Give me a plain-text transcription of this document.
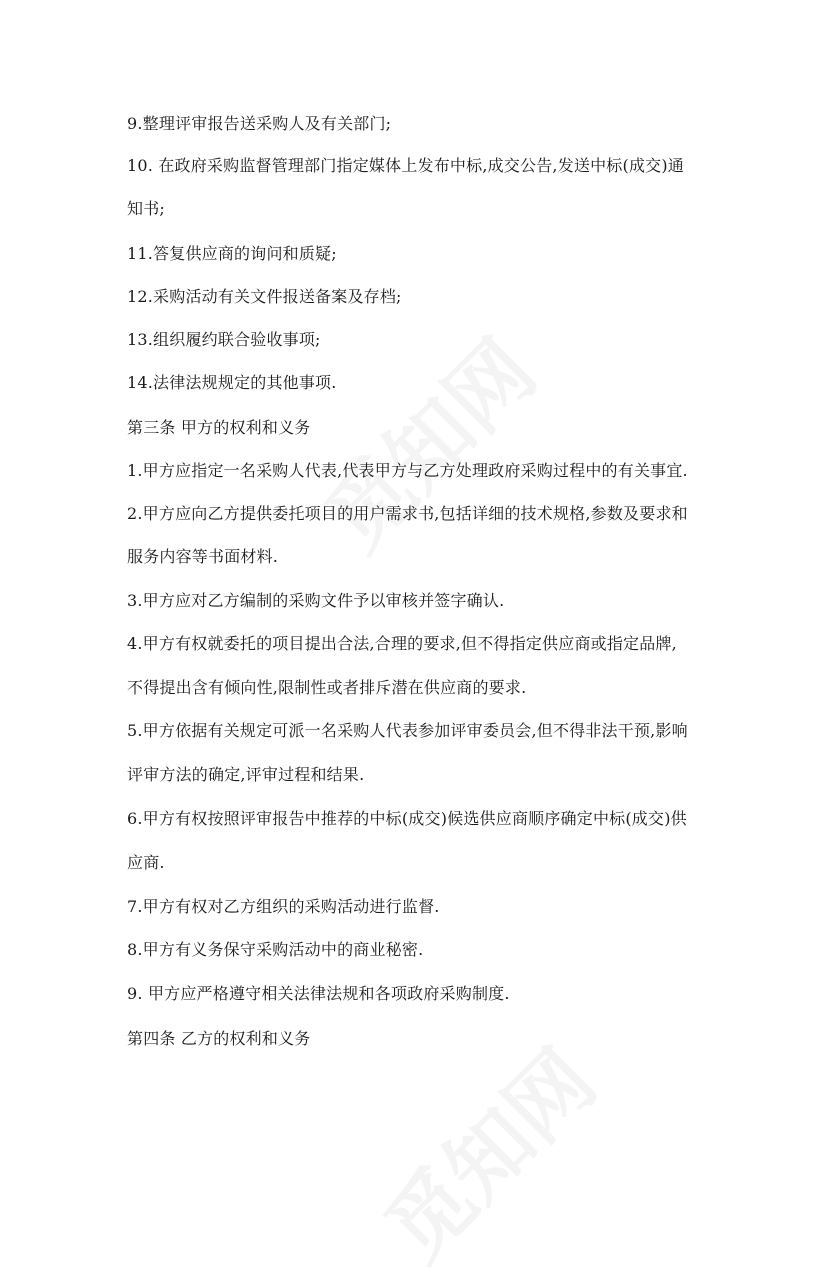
9.整理评审报告送采购人及有关部门;
10. 在政府采购监督管理部门指定媒体上发布中标,成交公告,发送中标(成交)通
知书;
11.答复供应商的询问和质疑;
12.采购活动有关文件报送备案及存档;
13.组织履约联合验收事项;
14.法律法规规定的其他事项.
第三条 甲方的权利和义务
1.甲方应指定一名采购人代表,代表甲方与乙方处理政府采购过程中的有关事宜.
2.甲方应向乙方提供委托项目的用户需求书,包括详细的技术规格,参数及要求和
服务内容等书面材料.
3.甲方应对乙方编制的采购文件予以审核并签字确认.
4.甲方有权就委托的项目提出合法,合理的要求,但不得指定供应商或指定品牌,
不得提出含有倾向性,限制性或者排斥潜在供应商的要求.
5.甲方依据有关规定可派一名采购人代表参加评审委员会,但不得非法干预,影响
评审方法的确定,评审过程和结果.
6.甲方有权按照评审报告中推荐的中标(成交)候选供应商顺序确定中标(成交)供
应商.
7.甲方有权对乙方组织的采购活动进行监督.
8.甲方有义务保守采购活动中的商业秘密.
9. 甲方应严格遵守相关法律法规和各项政府采购制度.
第四条 乙方的权利和义务
